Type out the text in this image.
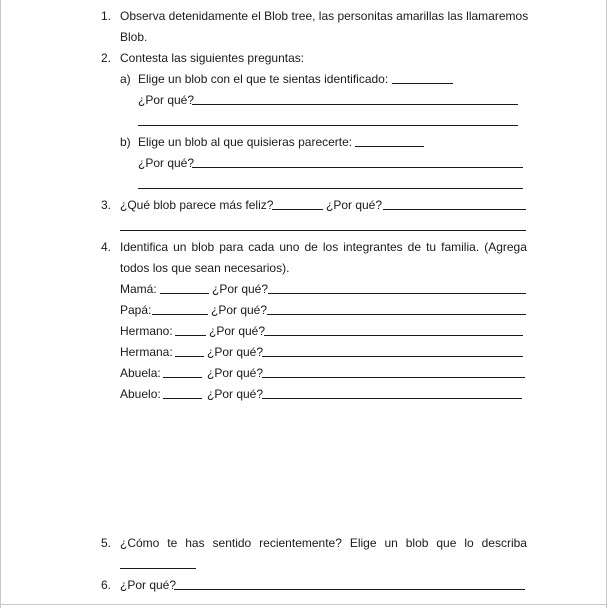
1. Observa detenidamente el Blob tree, las personitas amarillas las llamaremos
Blob.
2. Contesta las siguientes preguntas:
a) Elige un blob con el que te sientas identificado:
¿Por qué?
b) Elige un blob al que quisieras parecerte:
¿Por qué?
3. ¿Qué blob parece más feliz?	¿Por qué?
4. Identifica un blob para cada uno de los integrantes de tu familia. (Agrega
todos los que sean necesarios).
Mamá:	¿Por qué?
Papá:	¿Por qué?
Hermano:	¿Por qué?
Hermana:	¿Por qué?
Abuela:	¿Por qué?
Abuelo:	¿Por qué?
5. ¿Cómo te has sentido recientemente? Elige un blob que lo describa
6. ¿Por qué?
